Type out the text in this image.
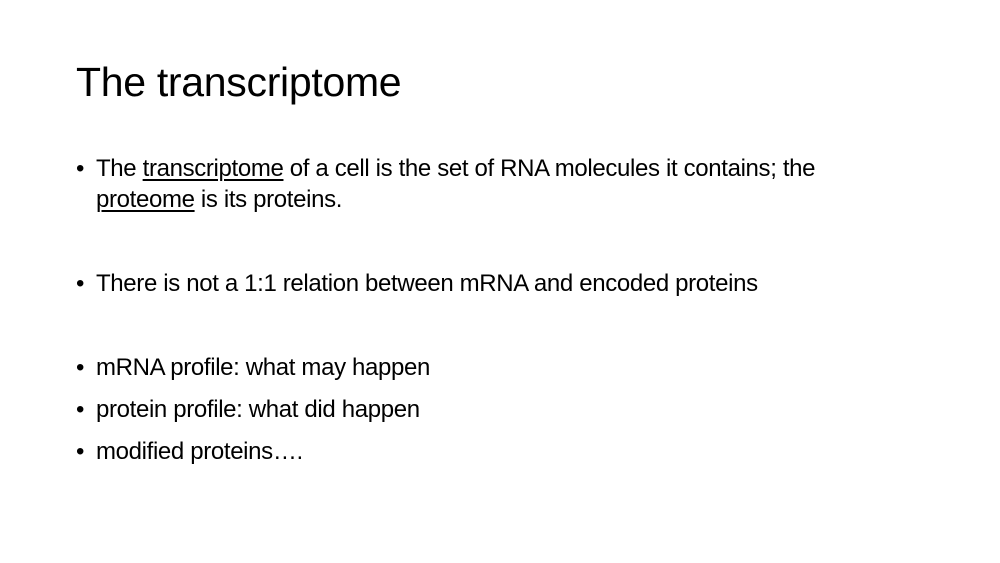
The transcriptome
• The transcriptome of a cell is the set of RNA molecules it contains; the
proteome is its proteins.
• There is not a 1:1 relation between mRNA and encoded proteins
• mRNA profile: what may happen
• protein profile: what did happen
• modified proteins….
